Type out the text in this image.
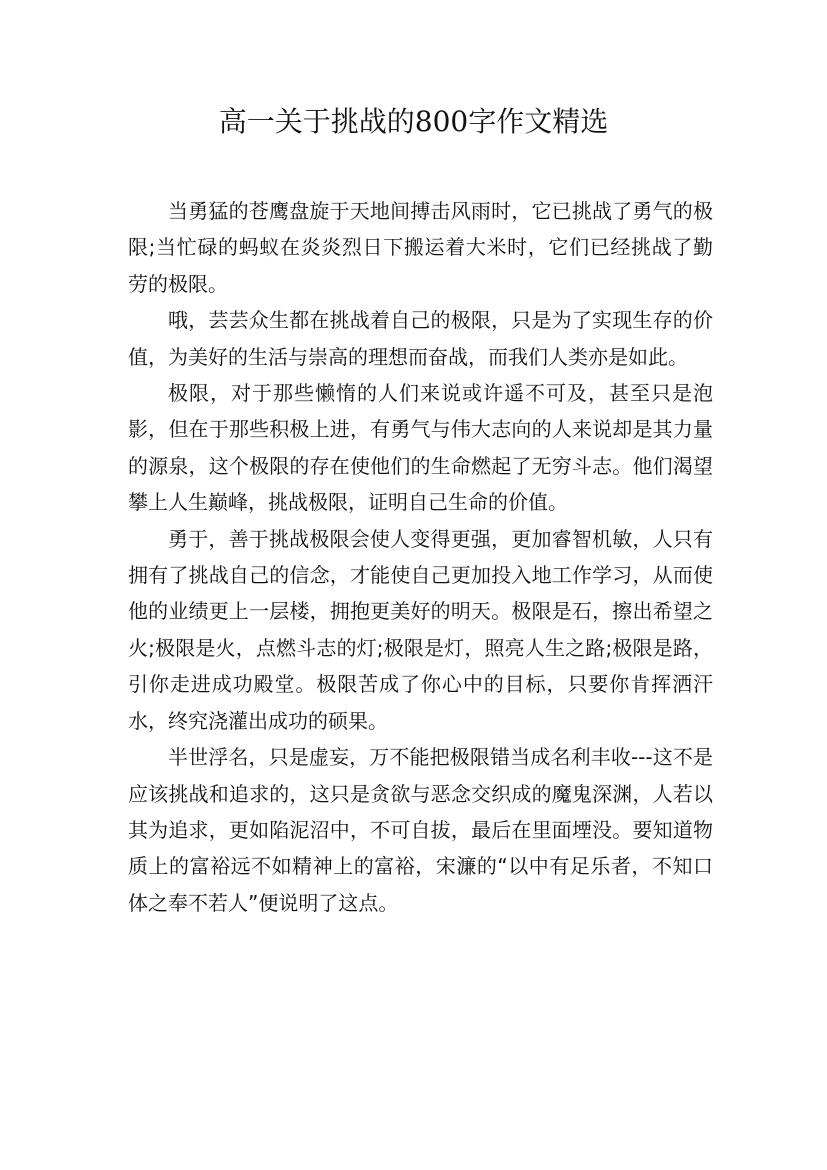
高一关于挑战的800字作文精选

当勇猛的苍鹰盘旋于天地间搏击风雨时，它已挑战了勇气的极限;当忙碌的蚂蚁在炎炎烈日下搬运着大米时，它们已经挑战了勤劳的极限。

哦，芸芸众生都在挑战着自己的极限，只是为了实现生存的价值，为美好的生活与崇高的理想而奋战，而我们人类亦是如此。

极限，对于那些懒惰的人们来说或许遥不可及，甚至只是泡影，但在于那些积极上进，有勇气与伟大志向的人来说却是其力量的源泉，这个极限的存在使他们的生命燃起了无穷斗志。他们渴望攀上人生巅峰，挑战极限，证明自己生命的价值。

勇于，善于挑战极限会使人变得更强，更加睿智机敏，人只有拥有了挑战自己的信念，才能使自己更加投入地工作学习，从而使他的业绩更上一层楼，拥抱更美好的明天。极限是石，擦出希望之火;极限是火，点燃斗志的灯;极限是灯，照亮人生之路;极限是路，引你走进成功殿堂。极限苦成了你心中的目标，只要你肯挥洒汗水，终究浇灌出成功的硕果。

半世浮名，只是虚妄，万不能把极限错当成名利丰收---这不是应该挑战和追求的，这只是贪欲与恶念交织成的魔鬼深渊，人若以其为追求，更如陷泥沼中，不可自拔，最后在里面堙没。要知道物质上的富裕远不如精神上的富裕，宋濂的“以中有足乐者，不知口体之奉不若人”便说明了这点。
